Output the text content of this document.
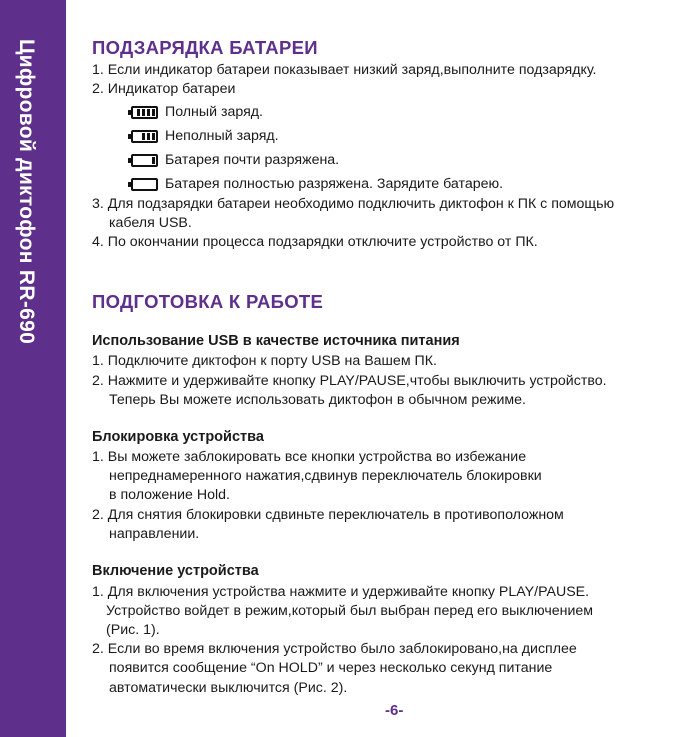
Цифровой диктофон RR-690	ПОДЗАРЯДКА БАТАРЕИ
1. Если индикатор батареи показывает низкий заряд,выполните подзарядку.
2. Индикатор батареи
Полный заряд.
Неполный заряд.
Батарея почти разряжена.
Батарея полностью разряжена. Зарядите батарею.
3. Для подзарядки батареи необходимо подключить диктофон к ПК с помощью
кабеля USB.
4. По окончании процесса подзарядки отключите устройство от ПК.
ПОДГОТОВКА К РАБОТЕ
Использование USB в качестве источника питания
1. Подключите диктофон к порту USB на Вашем ПК.
2. Нажмите и удерживайте кнопку PLAY/PAUSE,чтобы выключить устройство.
Теперь Вы можете использовать диктофон в обычном режиме.
Блокировка устройства
1. Вы можете заблокировать все кнопки устройства во избежание
непреднамеренного нажатия,сдвинув переключатель блокировки
в положение Hold.
2. Для снятия блокировки сдвиньте переключатель в противоположном
направлении.
Включение устройства
1. Для включения устройства нажмите и удерживайте кнопку PLAY/PAUSE.
Устройство войдет в режим,который был выбран перед его выключением
(Рис. 1).
2. Если во время включения устройство было заблокировано,на дисплее
появится сообщение “On HOLD” и через несколько секунд питание
автоматически выключится (Рис. 2).
-6-
